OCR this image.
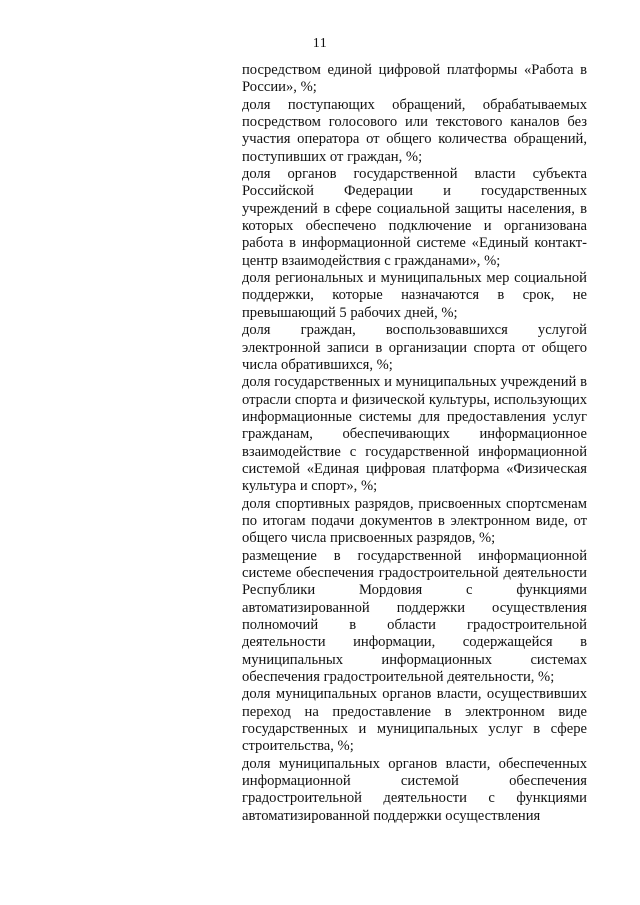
11

посредством единой цифровой платформы «Работа в России», %;

доля поступающих обращений, обрабатываемых посредством голосового или текстового каналов без участия оператора от общего количества обращений, поступивших от граждан, %;

доля органов государственной власти субъекта Российской Федерации и государственных учреждений в сфере социальной защиты населения, в которых обеспечено подключение и организована работа в информационной системе «Единый контакт-центр взаимодействия с гражданами», %;

доля региональных и муниципальных мер социальной поддержки, которые назначаются в срок, не превышающий 5 рабочих дней, %;

доля граждан, воспользовавшихся услугой электронной записи в организации спорта от общего числа обратившихся, %;

доля государственных и муниципальных учреждений в отрасли спорта и физической культуры, использующих информационные системы для предоставления услуг гражданам, обеспечивающих информационное взаимодействие с государственной информационной системой «Единая цифровая платформа «Физическая культура и спорт», %;

доля спортивных разрядов, присвоенных спортсменам по итогам подачи документов в электронном виде, от общего числа присвоенных разрядов, %;

размещение в государственной информационной системе обеспечения градостроительной деятельности Республики Мордовия с функциями автоматизированной поддержки осуществления полномочий в области градостроительной деятельности информации, содержащейся в муниципальных информационных системах обеспечения градостроительной деятельности, %;

доля муниципальных органов власти, осуществивших переход на предоставление в электронном виде государственных и муниципальных услуг в сфере строительства, %;

доля муниципальных органов власти, обеспеченных информационной системой обеспечения градостроительной деятельности с функциями автоматизированной поддержки осуществления
